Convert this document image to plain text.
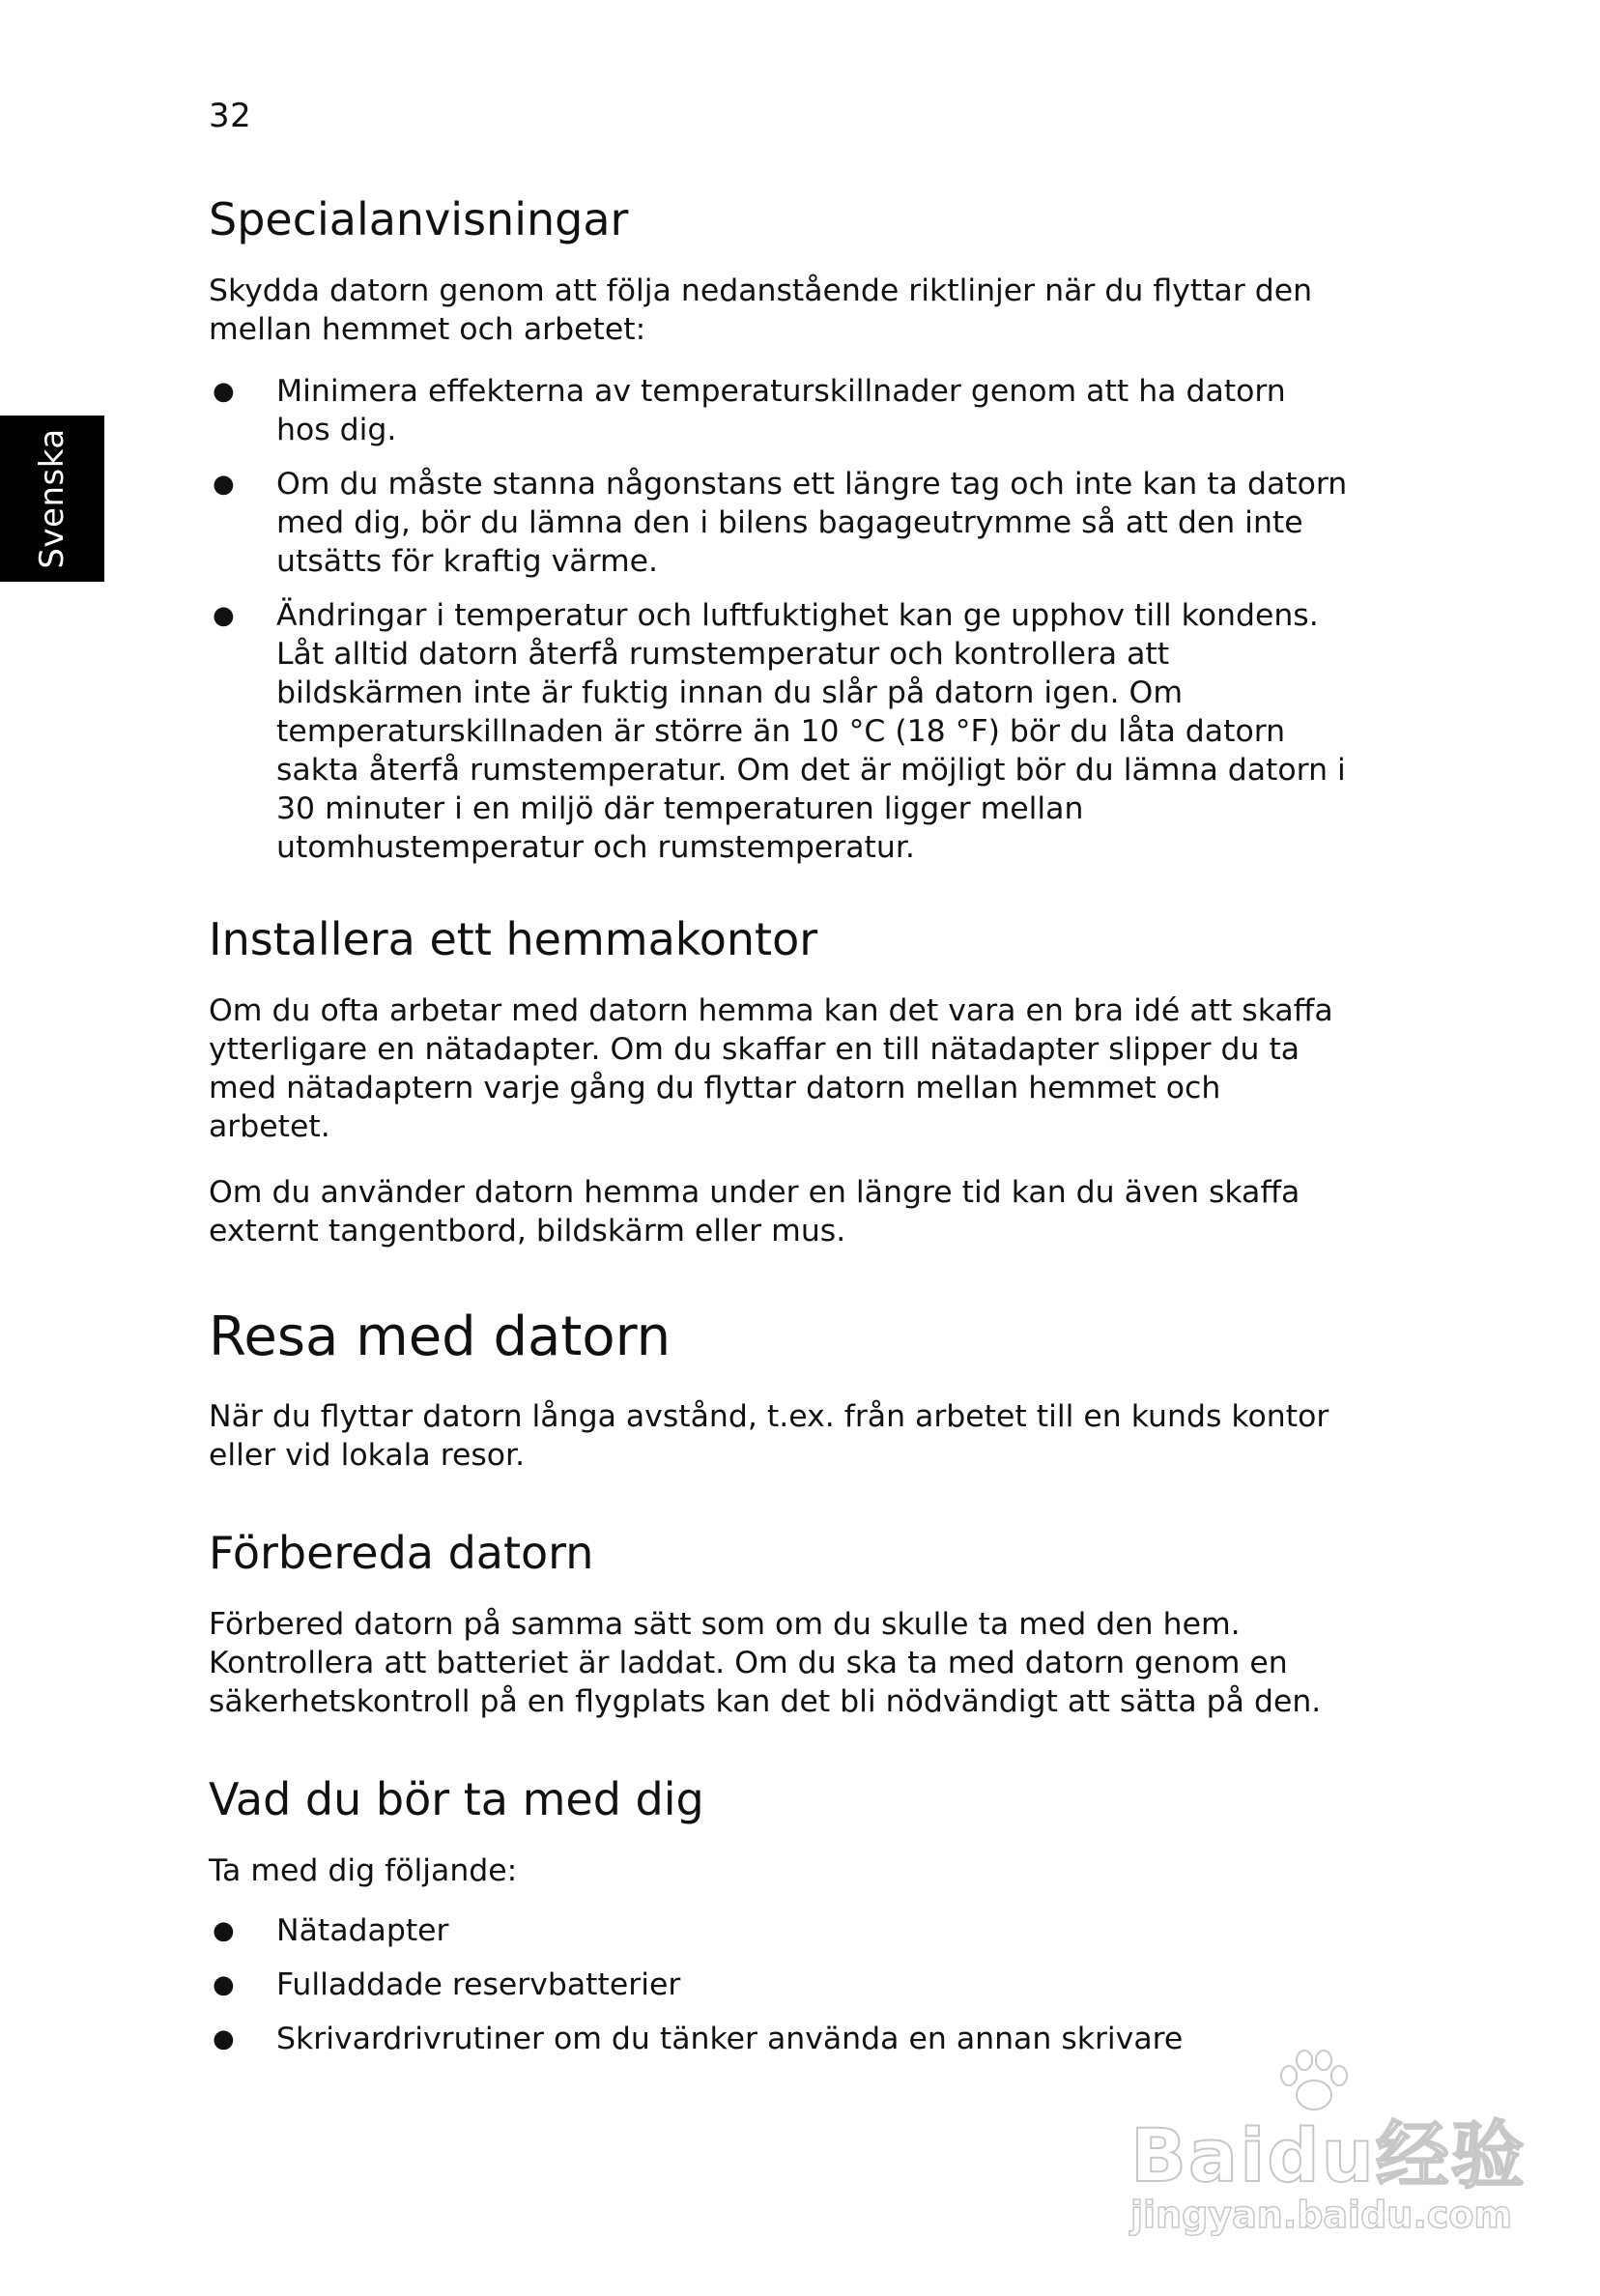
32
Svenska
Specialanvisningar

Skydda datorn genom att följa nedanstående riktlinjer när du flyttar den mellan hemmet och arbetet:

● Minimera effekterna av temperaturskillnader genom att ha datorn hos dig.
● Om du måste stanna någonstans ett längre tag och inte kan ta datorn med dig, bör du lämna den i bilens bagageutrymme så att den inte utsätts för kraftig värme.
● Ändringar i temperatur och luftfuktighet kan ge upphov till kondens. Låt alltid datorn återfå rumstemperatur och kontrollera att bildskärmen inte är fuktig innan du slår på datorn igen. Om temperaturskillnaden är större än 10 °C (18 °F) bör du låta datorn sakta återfå rumstemperatur. Om det är möjligt bör du lämna datorn i 30 minuter i en miljö där temperaturen ligger mellan utomhustemperatur och rumstemperatur.
Installera ett hemmakontor

Om du ofta arbetar med datorn hemma kan det vara en bra idé att skaffa ytterligare en nätadapter. Om du skaffar en till nätadapter slipper du ta med nätadaptern varje gång du flyttar datorn mellan hemmet och arbetet.

Om du använder datorn hemma under en längre tid kan du även skaffa externt tangentbord, bildskärm eller mus.

Resa med datorn

När du flyttar datorn långa avstånd, t.ex. från arbetet till en kunds kontor eller vid lokala resor.

Förbereda datorn

Förbered datorn på samma sätt som om du skulle ta med den hem. Kontrollera att batteriet är laddat. Om du ska ta med datorn genom en säkerhetskontroll på en flygplats kan det bli nödvändigt att sätta på den.

Vad du bör ta med dig

Ta med dig följande:

● Nätadapter
● Fulladdade reservbatterier
● Skrivardrivrutiner om du tänker använda en annan skrivare
Baidu经验
jingyan.baidu.com
